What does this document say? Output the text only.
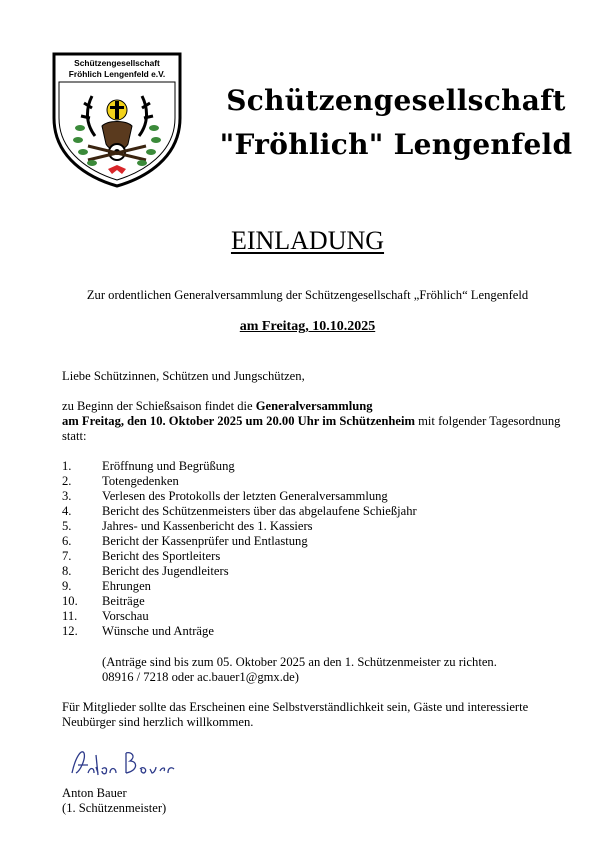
Schützengesellschaft
Fröhlich Lengenfeld e.V.
Schützengesellschaft
"Fröhlich" Lengenfeld
EINLADUNG
Zur ordentlichen Generalversammlung der Schützengesellschaft „Fröhlich“ Lengenfeld
am Freitag, 10.10.2025
Liebe Schützinnen, Schützen und Jungschützen,
zu Beginn der Schießsaison findet die Generalversammlung
am Freitag, den 10. Oktober 2025 um 20.00 Uhr im Schützenheim mit folgender Tagesordnung statt:
1. Eröffnung und Begrüßung
2. Totengedenken
3. Verlesen des Protokolls der letzten Generalversammlung
4. Bericht des Schützenmeisters über das abgelaufene Schießjahr
5. Jahres- und Kassenbericht des 1. Kassiers
6. Bericht der Kassenprüfer und Entlastung
7. Bericht des Sportleiters
8. Bericht des Jugendleiters
9. Ehrungen
10. Beiträge
11. Vorschau
12. Wünsche und Anträge
(Anträge sind bis zum 05. Oktober 2025 an den 1. Schützenmeister zu richten.
08916 / 7218 oder ac.bauer1@gmx.de)
Für Mitglieder sollte das Erscheinen eine Selbstverständlichkeit sein, Gäste und interessierte Neubürger sind herzlich willkommen.
Anton Bauer
(1. Schützenmeister)
